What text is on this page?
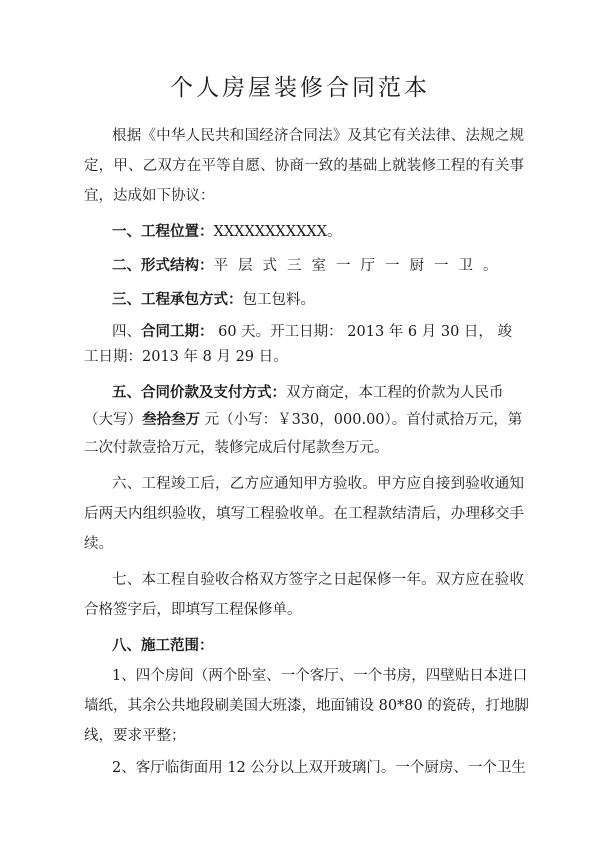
个人房屋装修合同范本
根据《中华人民共和国经济合同法》及其它有关法律、法规之规
定，甲、乙双方在平等自愿、协商一致的基础上就装修工程的有关事
宜，达成如下协议：
一、工程位置：XXXXXXXXXXX。
二、形式结构：平层式三室一厅一厨一卫。
三、工程承包方式：包工包料。
四、合同工期： 60 天。开工日期： 2013 年 6 月 30 日， 竣
工日期：2013 年 8 月 29 日。
五、合同价款及支付方式：双方商定，本工程的价款为人民币
（大写）叁拾叁万 元（小写：￥330，000.00）。首付贰拾万元，第
二次付款壹拾万元，装修完成后付尾款叁万元。
六、工程竣工后，乙方应通知甲方验收。甲方应自接到验收通知
后两天内组织验收，填写工程验收单。在工程款结清后，办理移交手
续。
七、本工程自验收合格双方签字之日起保修一年。双方应在验收
合格签字后，即填写工程保修单。
八、施工范围：
1、四个房间（两个卧室、一个客厅、一个书房，四壁贴日本进口
墙纸，其余公共地段刷美国大班漆，地面铺设 80*80 的瓷砖，打地脚
线，要求平整；
2、客厅临街面用 12 公分以上双开玻璃门。一个厨房、一个卫生
